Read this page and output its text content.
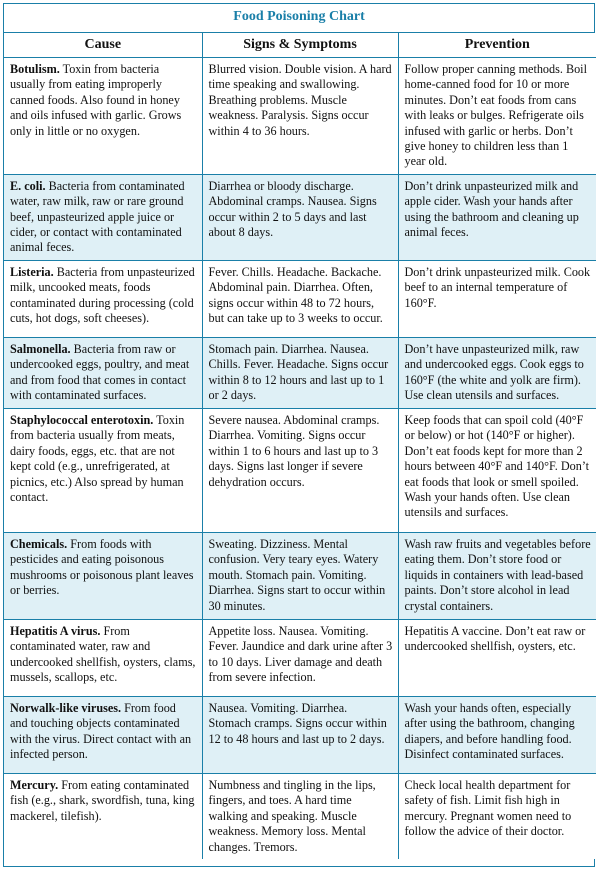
Food Poisoning Chart
Cause	Signs & Symptoms	Prevention
Botulism. Toxin from bacteria usually from eating improperly canned foods. Also found in honey and oils infused with garlic. Grows only in little or no oxygen.	Blurred vision. Double vision. A hard time speaking and swallowing. Breathing problems. Muscle weakness. Paralysis. Signs occur within 4 to 36 hours.	Follow proper canning methods. Boil home-canned food for 10 or more minutes. Don’t eat foods from cans with leaks or bulges. Refrigerate oils infused with garlic or herbs. Don’t give honey to children less than 1 year old.
E. coli. Bacteria from contaminated water, raw milk, raw or rare ground beef, unpasteurized apple juice or cider, or contact with contaminated animal feces.	Diarrhea or bloody discharge. Abdominal cramps. Nausea. Signs occur within 2 to 5 days and last about 8 days.	Don’t drink unpasteurized milk and apple cider. Wash your hands after using the bathroom and cleaning up animal feces.
Listeria. Bacteria from unpasteurized milk, uncooked meats, foods contaminated during processing (cold cuts, hot dogs, soft cheeses).	Fever. Chills. Headache. Backache. Abdominal pain. Diarrhea. Often, signs occur within 48 to 72 hours, but can take up to 3 weeks to occur.	Don’t drink unpasteurized milk. Cook beef to an internal temperature of 160°F.
Salmonella. Bacteria from raw or undercooked eggs, poultry, and meat and from food that comes in contact with contaminated surfaces.	Stomach pain. Diarrhea. Nausea. Chills. Fever. Headache. Signs occur within 8 to 12 hours and last up to 1 or 2 days.	Don’t have unpasteurized milk, raw and undercooked eggs. Cook eggs to 160°F (the white and yolk are firm). Use clean utensils and surfaces.
Staphylococcal enterotoxin. Toxin from bacteria usually from meats, dairy foods, eggs, etc. that are not kept cold (e.g., unrefrigerated, at picnics, etc.) Also spread by human contact.	Severe nausea. Abdominal cramps. Diarrhea. Vomiting. Signs occur within 1 to 6 hours and last up to 3 days. Signs last longer if severe dehydration occurs.	Keep foods that can spoil cold (40°F or below) or hot (140°F or higher). Don’t eat foods kept for more than 2 hours between 40°F and 140°F. Don’t eat foods that look or smell spoiled. Wash your hands often. Use clean utensils and surfaces.
Chemicals. From foods with pesticides and eating poisonous mushrooms or poisonous plant leaves or berries.	Sweating. Dizziness. Mental confusion. Very teary eyes. Watery mouth. Stomach pain. Vomiting. Diarrhea. Signs start to occur within 30 minutes.	Wash raw fruits and vegetables before eating them. Don’t store food or liquids in containers with lead-based paints. Don’t store alcohol in lead crystal containers.
Hepatitis A virus. From contaminated water, raw and undercooked shellfish, oysters, clams, mussels, scallops, etc.	Appetite loss. Nausea. Vomiting. Fever. Jaundice and dark urine after 3 to 10 days. Liver damage and death from severe infection.	Hepatitis A vaccine. Don’t eat raw or undercooked shellfish, oysters, etc.
Norwalk-like viruses. From food and touching objects contaminated with the virus. Direct contact with an infected person.	Nausea. Vomiting. Diarrhea. Stomach cramps. Signs occur within 12 to 48 hours and last up to 2 days.	Wash your hands often, especially after using the bathroom, changing diapers, and before handling food. Disinfect contaminated surfaces.
Mercury. From eating contaminated fish (e.g., shark, swordfish, tuna, king mackerel, tilefish).	Numbness and tingling in the lips, fingers, and toes. A hard time walking and speaking. Muscle weakness. Memory loss. Mental changes. Tremors.	Check local health department for safety of fish. Limit fish high in mercury. Pregnant women need to follow the advice of their doctor.
